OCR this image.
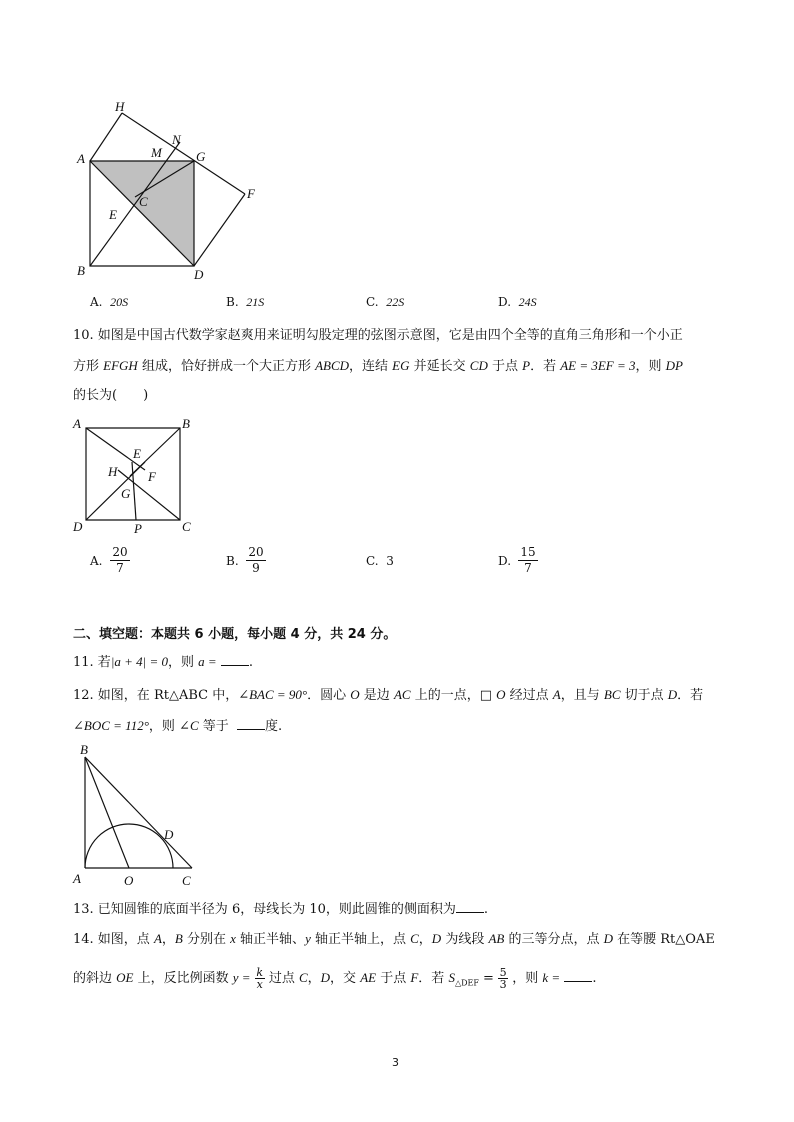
H
N
M
A	G
C
E
F
B	D
A. 20S	B. 21S	C. 22S	D. 24S
10. 如图是中国古代数学家赵爽用来证明勾股定理的弦图示意图，它是由四个全等的直角三角形和一个小正
方形 EFGH 组成，恰好拼成一个大正方形 ABCD，连结 EG 并延长交 CD 于点 P．若 AE = 3EF = 3，则 DP
的长为(　　)
A	B
E
H F
G
D	P	C
A.
20
7	B.
20
9	C. 3	D.
15
7
二、填空题：本题共 6 小题，每小题 4 分，共 24 分。
11. 若|a + 4| = 0，则 a = .
12. 如图，在 Rt△ABC 中，∠BAC = 90°．圆心 O 是边 AC 上的一点，□ O 经过点 A，且与 BC 切于点 D．若
∠BOC = 112°，则 ∠C 等于  度.
B
D
A	O	C
13. 已知圆锥的底面半径为 6，母线长为 10，则此圆锥的侧面积为 .
14. 如图，点 A，B 分别在 x 轴正半轴、y 轴正半轴上，点 C，D 为线段 AB 的三等分点，点 D 在等腰 Rt△OAE
的斜边 OE 上，反比例函数 $y = \frac{k}{x}$ 过点 C，D，交 AE 于点 F．若 $S_{\triangle DEF} = \frac{5}{3}$ ，则 k = .
3
